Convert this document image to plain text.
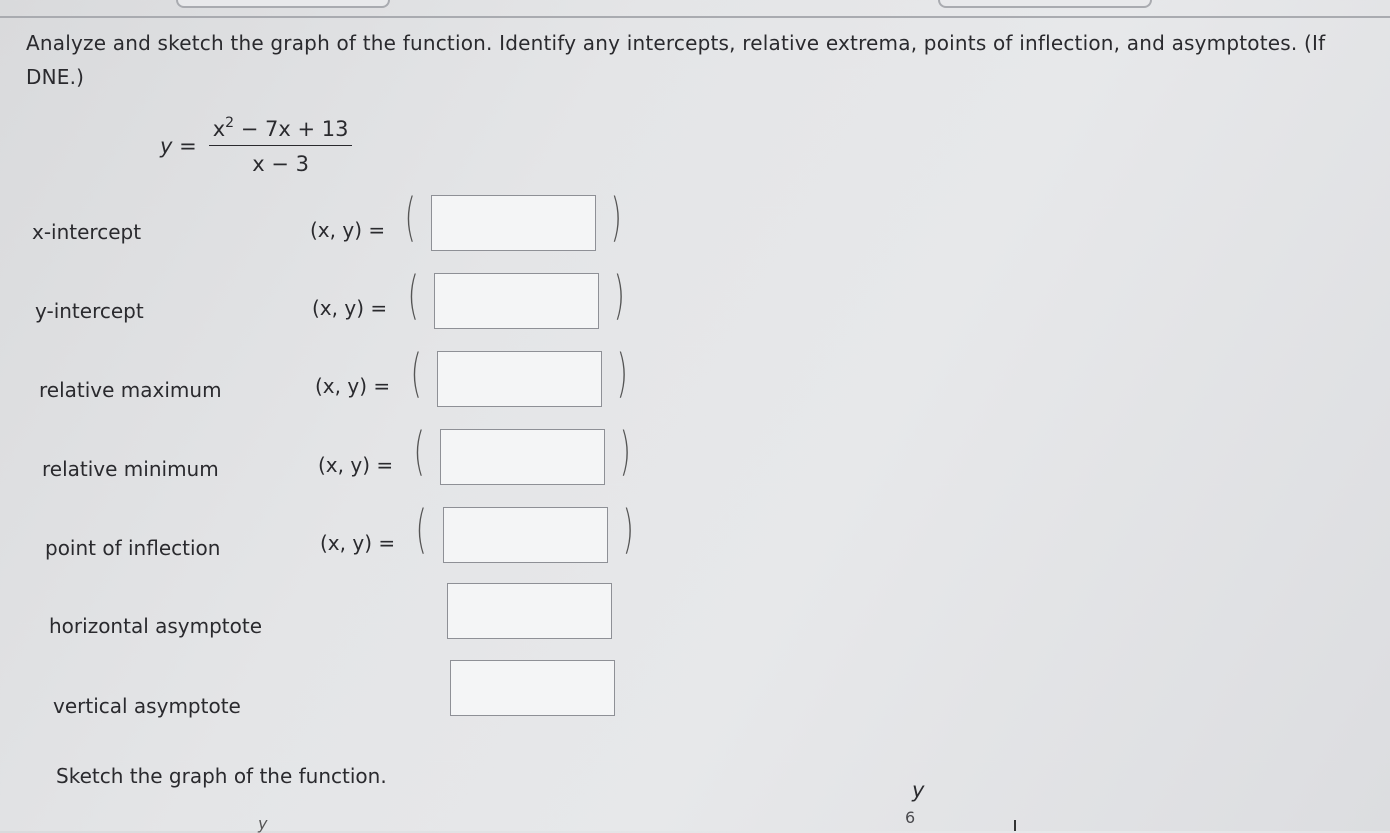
Analyze and sketch the graph of the function. Identify any intercepts, relative extrema, points of inflection, and asymptotes. (If
DNE.)
$y = \frac{x^2 - 7x + 13}{x - 3}$
x-intercept	(x, y) = (	)
y-intercept	(x, y) = (	)
relative maximum	(x, y) = (	)
relative minimum	(x, y) = (	)
point of inflection	(x, y) = (	)
horizontal asymptote
vertical asymptote
Sketch the graph of the function.
y
y
6
